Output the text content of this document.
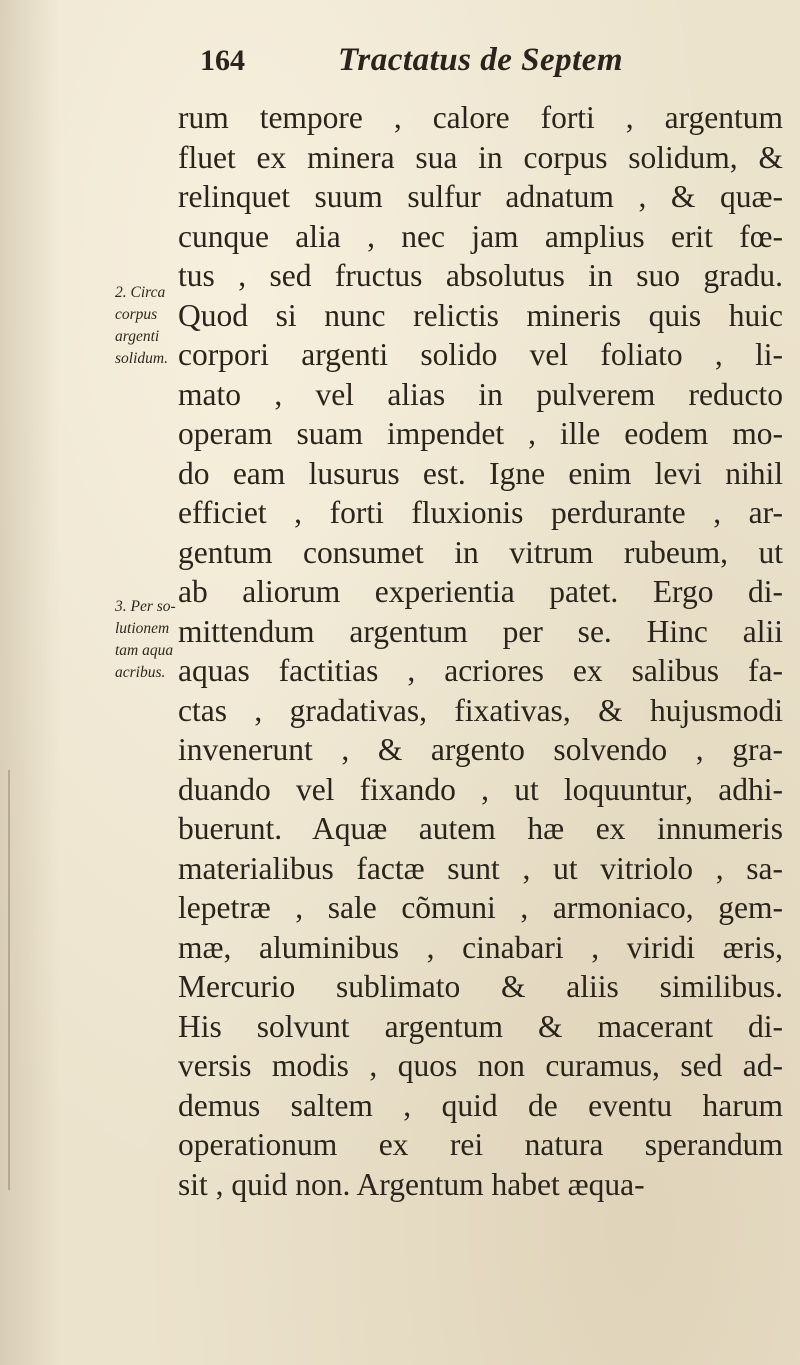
164	Tractatus de Septem
2. Circa
corpus
argenti
solidum.
3. Per so-
lutionem
tam aqua
acribus.
rum tempore , calore forti , argentum
fluet ex minera sua in corpus solidum, &
relinquet suum sulfur adnatum , & quæ-
cunque alia , nec jam amplius erit fœ-
tus , sed fructus absolutus in suo gradu.
Quod si nunc relictis mineris quis huic
corpori argenti solido vel foliato , li-
mato , vel alias in pulverem reducto
operam suam impendet , ille eodem mo-
do eam lusurus est. Igne enim levi nihil
efficiet , forti fluxionis perdurante , ar-
gentum consumet in vitrum rubeum, ut
ab aliorum experientia patet. Ergo di-
mittendum argentum per se. Hinc alii
aquas factitias , acriores ex salibus fa-
ctas , gradativas, fixativas, & hujusmodi
invenerunt , & argento solvendo , gra-
duando vel fixando , ut loquuntur, adhi-
buerunt. Aquæ autem hæ ex innumeris
materialibus factæ sunt , ut vitriolo , sa-
lepetræ , sale cõmuni , armoniaco, gem-
mæ, aluminibus , cinabari , viridi æris,
Mercurio sublimato & aliis similibus.
His solvunt argentum & macerant di-
versis modis , quos non curamus, sed ad-
demus saltem , quid de eventu harum
operationum ex rei natura sperandum
sit , quid non. Argentum habet æqua-
